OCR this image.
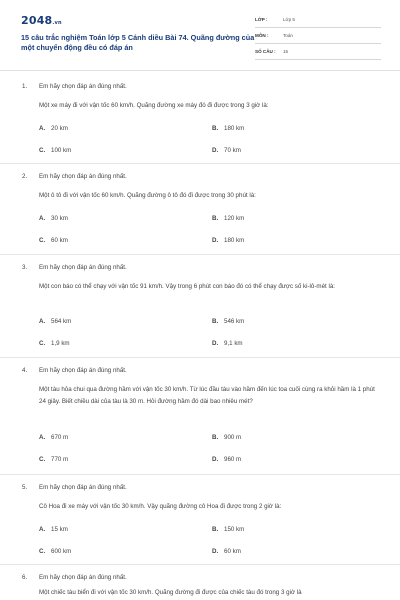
2048.vn
15 câu trắc nghiệm Toán lớp 5 Cánh diều Bài 74. Quãng đường của một chuyển động đều có đáp án
LỚP :	Lớp 5
MÔN :	Toán
SỐ CÂU : 15
1. Em hãy chọn đáp án đúng nhất.
Một xe máy đi với vận tốc 60 km/h. Quãng đường xe máy đó đi được trong 3 giờ là:
A. 20 km	B. 180 km
C. 100 km	D. 70 km
2. Em hãy chọn đáp án đúng nhất.
Một ô tô đi với vận tốc 60 km/h. Quãng đường ô tô đó đi được trong 30 phút là:
A. 30 km	B. 120 km
C. 60 km	D. 180 km
3. Em hãy chọn đáp án đúng nhất.
Một con báo có thể chạy với vận tốc 91 km/h. Vậy trong 6 phút con báo đó có thể chạy được số ki-lô-mét là:
A. 564 km	B. 546 km
C. 1,9 km	D. 9,1 km
4. Em hãy chọn đáp án đúng nhất.
Một tàu hỏa chui qua đường hầm với vận tốc 30 km/h. Từ lúc đầu tàu vào hầm đến lúc toa cuối cùng ra khỏi hầm là 1 phút 24 giây. Biết chiều dài của tàu là 30 m. Hỏi đường hầm đó dài bao nhiêu mét?
A. 670 m	B. 900 m
C. 770 m	D. 960 m
5. Em hãy chọn đáp án đúng nhất.
Cô Hoa đi xe máy với vận tốc 30 km/h. Vậy quãng đường cô Hoa đi được trong 2 giờ là:
A. 15 km	B. 150 km
C. 600 km	D. 60 km
6. Em hãy chọn đáp án đúng nhất.
Một chiếc tàu biển đi với vận tốc 30 km/h. Quãng đường đi được của chiếc tàu đó trong 3 giờ là
